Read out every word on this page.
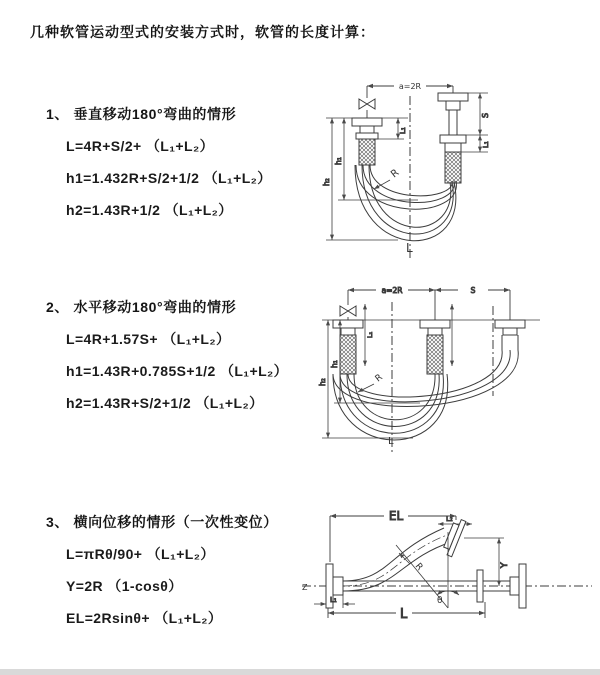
几种软管运动型式的安装方式时，软管的长度计算：
1、 垂直移动180°弯曲的情形
L=4R+S/2+ （L₁+L₂）
h1=1.432R+S/2+1/2 （L₁+L₂）
h2=1.43R+1/2 （L₁+L₂）
a=2R
L₁
S
L₁
h₁
h₂
R
L
2、 水平移动180°弯曲的情形
L=4R+1.57S+ （L₁+L₂）
h1=1.43R+0.785S+1/2 （L₁+L₂）
h2=1.43R+S/2+1/2 （L₁+L₂）
a=2R	S
L₁
h₁
h₂	R
L
3、 横向位移的情形（一次性变位）
L=πRθ/90+ （L₁+L₂）
Y=2R （1-cosθ）
EL=2Rsinθ+ （L₁+L₂）
EL	L₂
Y
L
L₁
R
θ
Z
